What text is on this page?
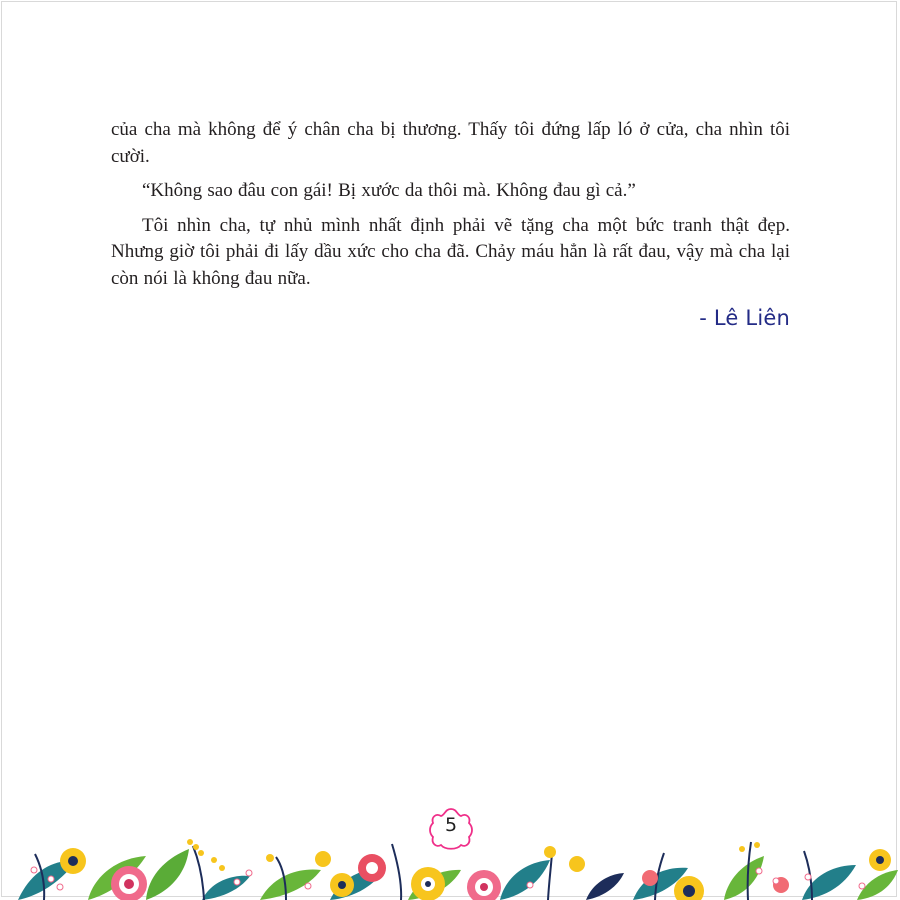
của cha mà không để ý chân cha bị thương. Thấy tôi đứng lấp ló ở cửa, cha nhìn tôi cười.

“Không sao đâu con gái! Bị xước da thôi mà. Không đau gì cả.”

Tôi nhìn cha, tự nhủ mình nhất định phải vẽ tặng cha một bức tranh thật đẹp. Nhưng giờ tôi phải đi lấy dầu xức cho cha đã. Chảy máu hẳn là rất đau, vậy mà cha lại còn nói là không đau nữa.

- Lê Liên
5
